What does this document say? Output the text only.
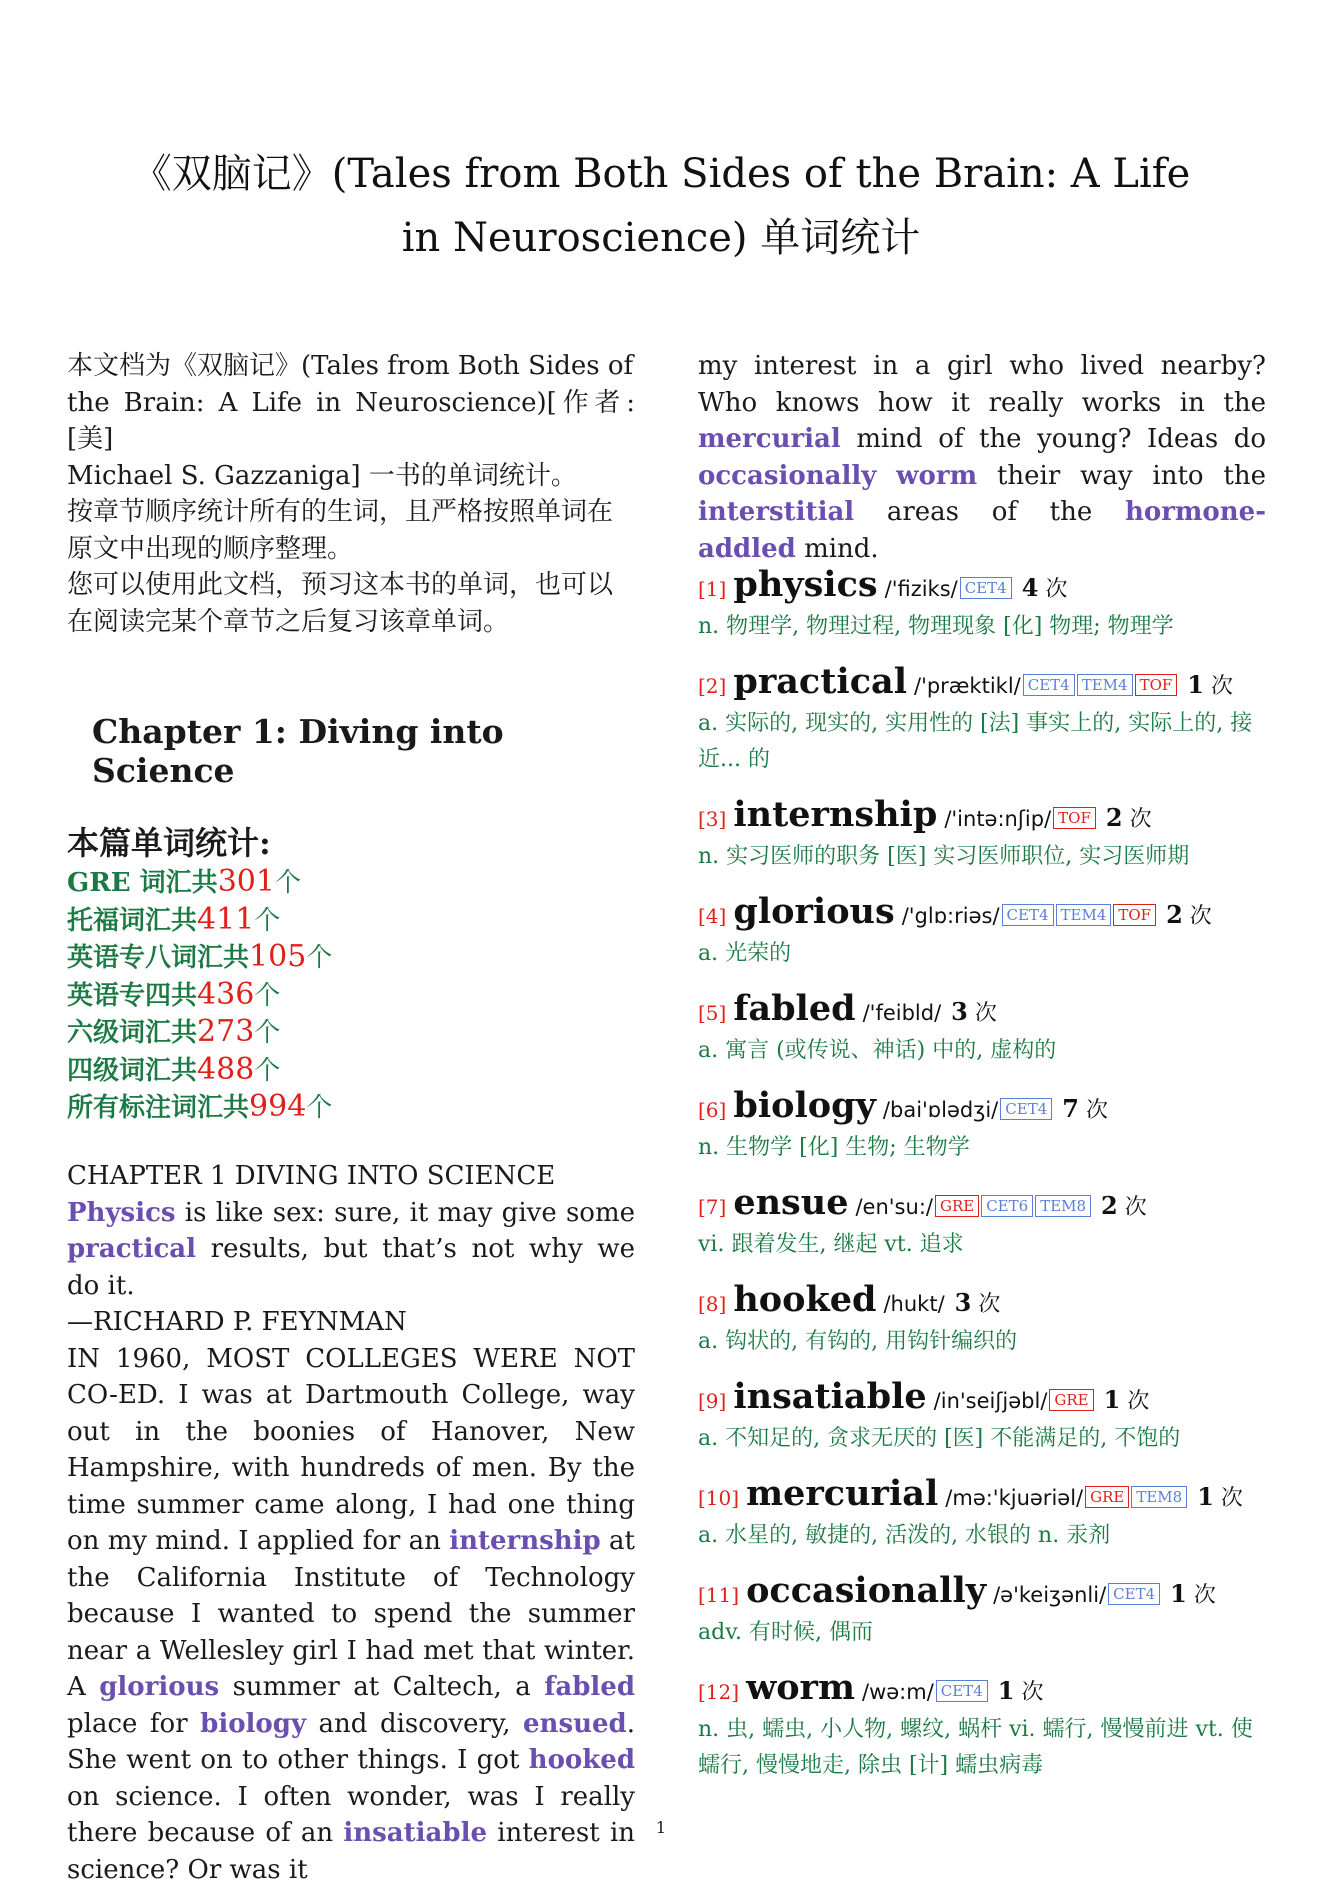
《双脑记》(Tales from Both Sides of the Brain: A Life in Neuroscience) 单词统计

本文档为《双脑记》(Tales from Both Sides of
the Brain: A Life in Neuroscience)[作者: [美]
Michael S. Gazzaniga] 一书的单词统计。
按章节顺序统计所有的生词，且严格按照单词在
原文中出现的顺序整理。
您可以使用此文档，预习这本书的单词，也可以
在阅读完某个章节之后复习该章单词。

Chapter 1: Diving into Science
本篇单词统计:
GRE 词汇共301个
托福词汇共411个
英语专八词汇共105个
英语专四共436个
六级词汇共273个
四级词汇共488个
所有标注词汇共994个

CHAPTER 1 DIVING INTO SCIENCE

Physics is like sex: sure, it may give some practical results, but that’s not why we do it.

—RICHARD P. FEYNMAN

IN 1960, MOST COLLEGES WERE NOT CO-ED. I was at Dartmouth College, way out in the boonies of Hanover, New Hampshire, with hundreds of men. By the time summer came along, I had one thing on my mind. I applied for an internship at the California Institute of Technology because I wanted to spend the summer near a Wellesley girl I had met that winter. A glorious summer at Caltech, a fabled place for biology and discovery, ensued. She went on to other things. I got hooked on science. I often wonder, was I really there because of an insatiable interest in science? Or was it

my interest in a girl who lived nearby? Who knows how it really works in the mercurial mind of the young? Ideas do occasionally worm their way into the interstitial areas of the hormone-addled mind.

[1] physics /'fiziks/ CET4 4 次
n. 物理学, 物理过程, 物理现象 [化] 物理; 物理学
[2] practical /'præktikl/ CET4 TEM4 TOF 1 次
a. 实际的, 现实的, 实用性的 [法] 事实上的, 实际上的, 接近... 的
[3] internship /'intə:nʃip/ TOF 2 次
n. 实习医师的职务 [医] 实习医师职位, 实习医师期
[4] glorious /'glɒ:riəs/ CET4 TEM4 TOF 2 次
a. 光荣的
[5] fabled /'feibld/ 3 次
a. 寓言 (或传说、神话) 中的, 虚构的
[6] biology /bai'ɒlədʒi/ CET4 7 次
n. 生物学 [化] 生物; 生物学
[7] ensue /en'su:/ GRE CET6 TEM8 2 次
vi. 跟着发生, 继起 vt. 追求
[8] hooked /hukt/ 3 次
a. 钩状的, 有钩的, 用钩针编织的
[9] insatiable /in'seiʃjəbl/ GRE 1 次
a. 不知足的, 贪求无厌的 [医] 不能满足的, 不饱的
[10] mercurial /mə:'kjuəriəl/ GRE TEM8 1 次
a. 水星的, 敏捷的, 活泼的, 水银的 n. 汞剂
[11] occasionally /ə'keiʒənli/ CET4 1 次
adv. 有时候, 偶而
[12] worm /wə:m/ CET4 1 次
n. 虫, 蠕虫, 小人物, 螺纹, 蜗杆 vi. 蠕行, 慢慢前进 vt. 使蠕行, 慢慢地走, 除虫 [计] 蠕虫病毒
1
